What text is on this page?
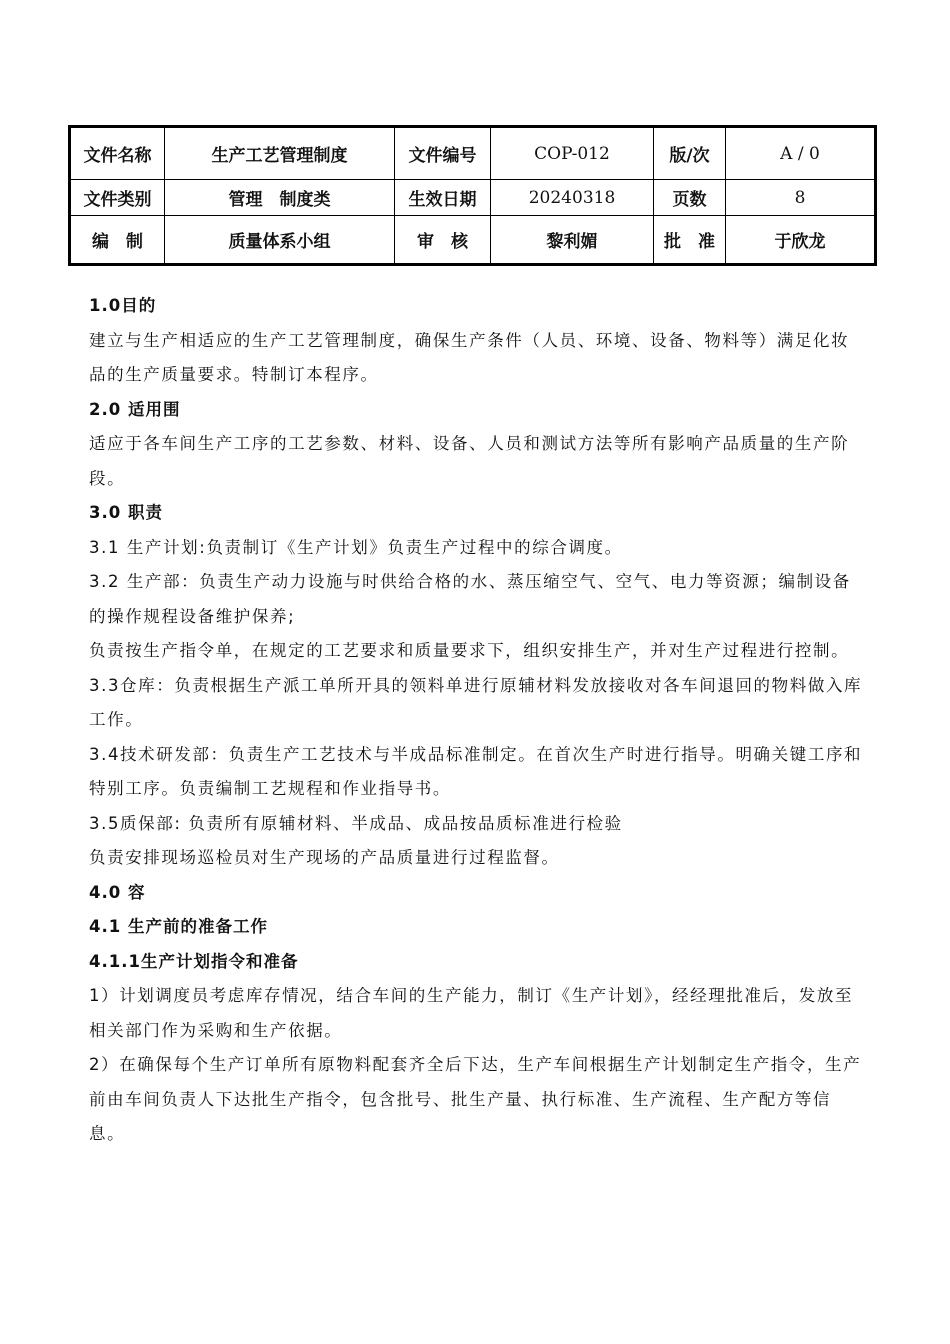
文件名称	生产工艺管理制度	文件编号	COP-012	版/次	A / 0
文件类别	管理　制度类	生效日期	20240318	页数	8
编　制	质量体系小组	审　核	黎利媚	批　准	于欣龙

1.0目的

建立与生产相适应的生产工艺管理制度，确保生产条件（人员、环境、设备、物料等）满足化妆品的生产质量要求。特制订本程序。

2.0 适用围

适应于各车间生产工序的工艺参数、材料、设备、人员和测试方法等所有影响产品质量的生产阶段。

3.0 职责

3.1 生产计划:负责制订《生产计划》负责生产过程中的综合调度。

3.2 生产部：负责生产动力设施与时供给合格的水、蒸压缩空气、空气、电力等资源；编制设备的操作规程设备维护保养;

负责按生产指令单，在规定的工艺要求和质量要求下，组织安排生产，并对生产过程进行控制。

3.3仓库：负责根据生产派工单所开具的领料单进行原辅材料发放接收对各车间退回的物料做入库工作。

3.4技术研发部：负责生产工艺技术与半成品标准制定。在首次生产时进行指导。明确关键工序和特别工序。负责编制工艺规程和作业指导书。

3.5质保部: 负责所有原辅材料、半成品、成品按品质标准进行检验

负责安排现场巡检员对生产现场的产品质量进行过程监督。

4.0 容

4.1 生产前的准备工作

4.1.1生产计划指令和准备

1）计划调度员考虑库存情况，结合车间的生产能力，制订《生产计划》，经经理批准后，发放至相关部门作为采购和生产依据。

2）在确保每个生产订单所有原物料配套齐全后下达，生产车间根据生产计划制定生产指令，生产前由车间负责人下达批生产指令，包含批号、批生产量、执行标准、生产流程、生产配方等信息。
